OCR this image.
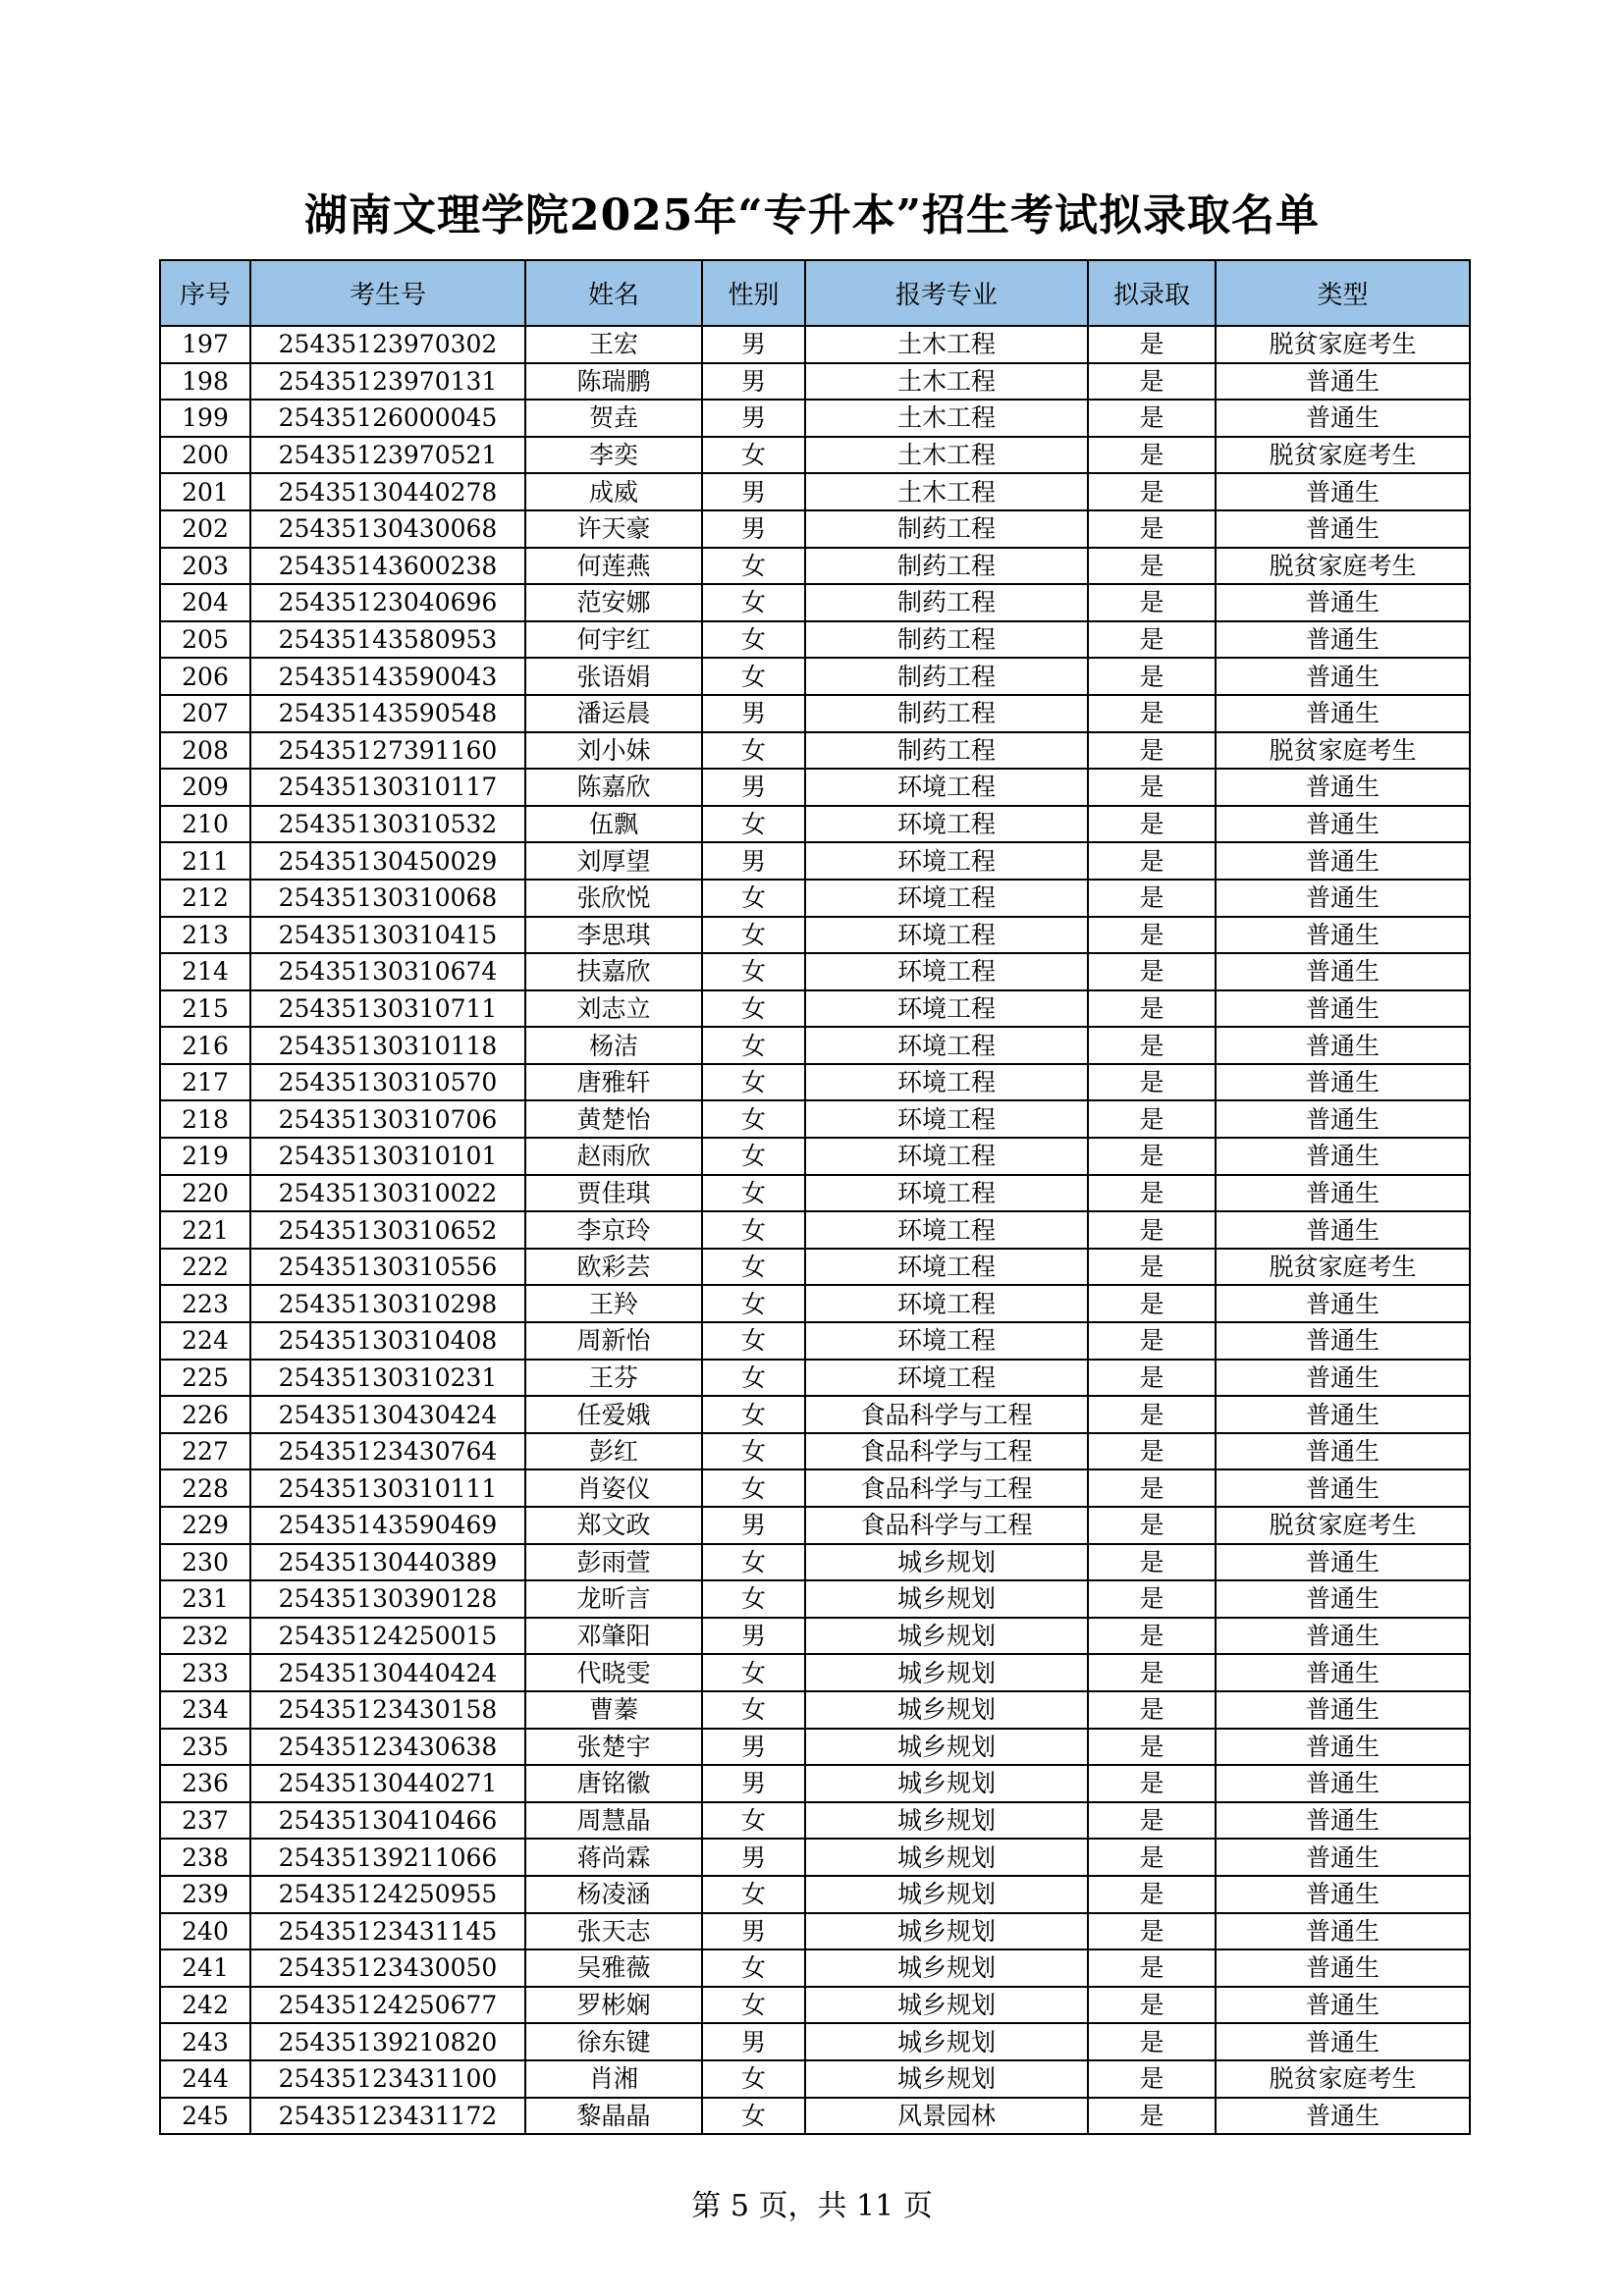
湖南文理学院2025年“专升本”招生考试拟录取名单
序号	考生号	姓名	性别	报考专业	拟录取	类型
197	25435123970302	王宏	男	土木工程	是	脱贫家庭考生
198	25435123970131	陈瑞鹏	男	土木工程	是	普通生
199	25435126000045	贺垚	男	土木工程	是	普通生
200	25435123970521	李奕	女	土木工程	是	脱贫家庭考生
201	25435130440278	成威	男	土木工程	是	普通生
202	25435130430068	许天豪	男	制药工程	是	普通生
203	25435143600238	何莲燕	女	制药工程	是	脱贫家庭考生
204	25435123040696	范安娜	女	制药工程	是	普通生
205	25435143580953	何宇红	女	制药工程	是	普通生
206	25435143590043	张语娟	女	制药工程	是	普通生
207	25435143590548	潘运晨	男	制药工程	是	普通生
208	25435127391160	刘小妹	女	制药工程	是	脱贫家庭考生
209	25435130310117	陈嘉欣	男	环境工程	是	普通生
210	25435130310532	伍飘	女	环境工程	是	普通生
211	25435130450029	刘厚望	男	环境工程	是	普通生
212	25435130310068	张欣悦	女	环境工程	是	普通生
213	25435130310415	李思琪	女	环境工程	是	普通生
214	25435130310674	扶嘉欣	女	环境工程	是	普通生
215	25435130310711	刘志立	女	环境工程	是	普通生
216	25435130310118	杨洁	女	环境工程	是	普通生
217	25435130310570	唐雅轩	女	环境工程	是	普通生
218	25435130310706	黄楚怡	女	环境工程	是	普通生
219	25435130310101	赵雨欣	女	环境工程	是	普通生
220	25435130310022	贾佳琪	女	环境工程	是	普通生
221	25435130310652	李京玲	女	环境工程	是	普通生
222	25435130310556	欧彩芸	女	环境工程	是	脱贫家庭考生
223	25435130310298	王羚	女	环境工程	是	普通生
224	25435130310408	周新怡	女	环境工程	是	普通生
225	25435130310231	王芬	女	环境工程	是	普通生
226	25435130430424	任爱娥	女	食品科学与工程	是	普通生
227	25435123430764	彭红	女	食品科学与工程	是	普通生
228	25435130310111	肖姿仪	女	食品科学与工程	是	普通生
229	25435143590469	郑文政	男	食品科学与工程	是	脱贫家庭考生
230	25435130440389	彭雨萱	女	城乡规划	是	普通生
231	25435130390128	龙昕言	女	城乡规划	是	普通生
232	25435124250015	邓肇阳	男	城乡规划	是	普通生
233	25435130440424	代晓雯	女	城乡规划	是	普通生
234	25435123430158	曹蓁	女	城乡规划	是	普通生
235	25435123430638	张楚宇	男	城乡规划	是	普通生
236	25435130440271	唐铭徽	男	城乡规划	是	普通生
237	25435130410466	周慧晶	女	城乡规划	是	普通生
238	25435139211066	蒋尚霖	男	城乡规划	是	普通生
239	25435124250955	杨凌涵	女	城乡规划	是	普通生
240	25435123431145	张天志	男	城乡规划	是	普通生
241	25435123430050	吴雅薇	女	城乡规划	是	普通生
242	25435124250677	罗彬娴	女	城乡规划	是	普通生
243	25435139210820	徐东键	男	城乡规划	是	普通生
244	25435123431100	肖湘	女	城乡规划	是	脱贫家庭考生
245	25435123431172	黎晶晶	女	风景园林	是	普通生
第 5 页，共 11 页
